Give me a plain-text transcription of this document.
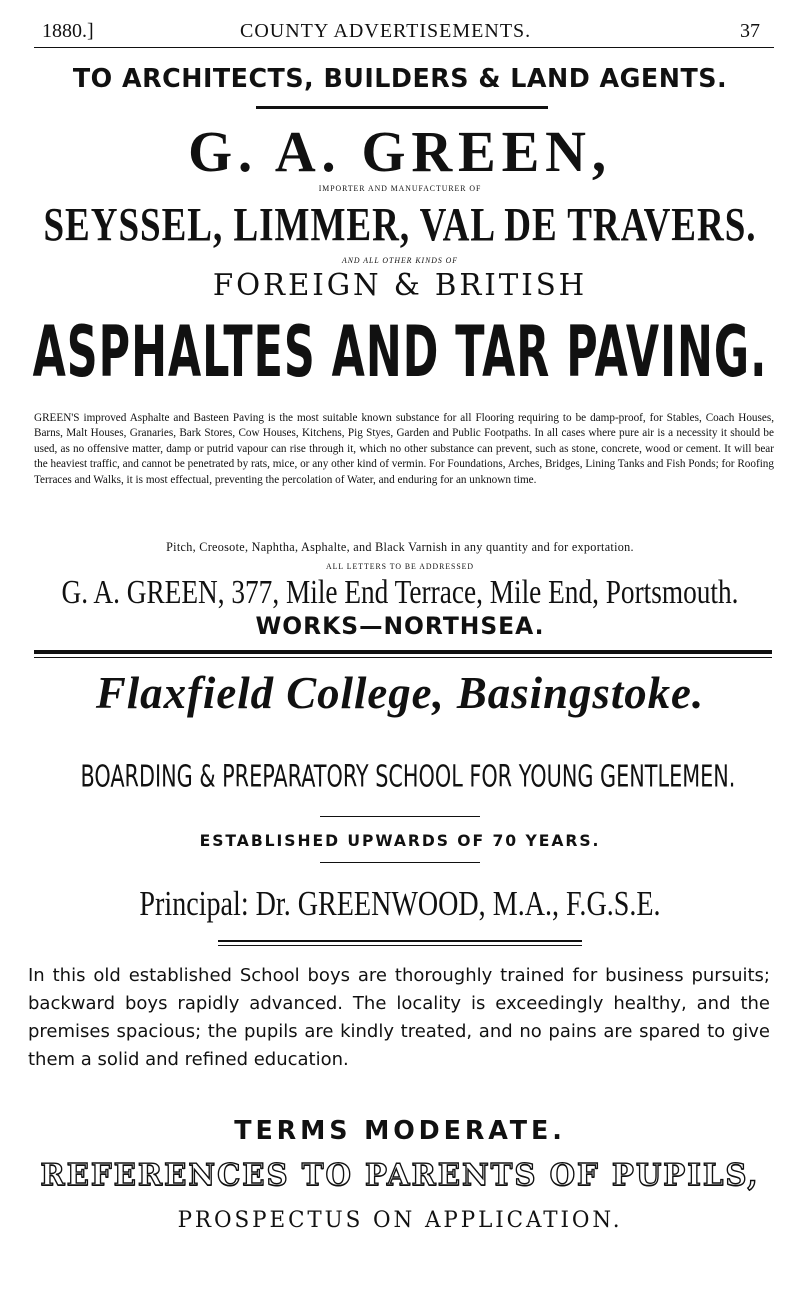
1880.]	COUNTY ADVERTISEMENTS.	37
TO ARCHITECTS, BUILDERS & LAND AGENTS.
G. A. GREEN,
IMPORTER AND MANUFACTURER OF
SEYSSEL, LIMMER, VAL DE TRAVERS.
AND ALL OTHER KINDS OF
FOREIGN & BRITISH
ASPHALTES AND TAR PAVING.

GREEN'S improved Asphalte and Basteen Paving is the most suitable known substance for all Flooring requiring to be damp-proof, for Stables, Coach Houses, Barns, Malt Houses, Granaries, Bark Stores, Cow Houses, Kitchens, Pig Styes, Garden and Public Footpaths. In all cases where pure air is a necessity it should be used, as no offensive matter, damp or putrid vapour can rise through it, which no other substance can prevent, such as stone, concrete, wood or cement. It will bear the heaviest traffic, and cannot be penetrated by rats, mice, or any other kind of vermin. For Foundations, Arches, Bridges, Lining Tanks and Fish Ponds; for Roofing Terraces and Walks, it is most effectual, preventing the percolation of Water, and enduring for an unknown time.

Pitch, Creosote, Naphtha, Asphalte, and Black Varnish in any quantity and for exportation.
ALL LETTERS TO BE ADDRESSED
G. A. GREEN, 377, Mile End Terrace, Mile End, Portsmouth.
WORKS—NORTHSEA.
Flaxfield College, Basingstoke.
BOARDING & PREPARATORY SCHOOL FOR YOUNG GENTLEMEN.
ESTABLISHED UPWARDS OF 70 YEARS.
Principal: Dr. GREENWOOD, M.A., F.G.S.E.

In this old established School boys are thoroughly trained for business pursuits; backward boys rapidly advanced. The locality is exceedingly healthy, and the premises spacious; the pupils are kindly treated, and no pains are spared to give them a solid and refined education.

TERMS MODERATE.
REFERENCES TO PARENTS OF PUPILS,
PROSPECTUS ON APPLICATION.
